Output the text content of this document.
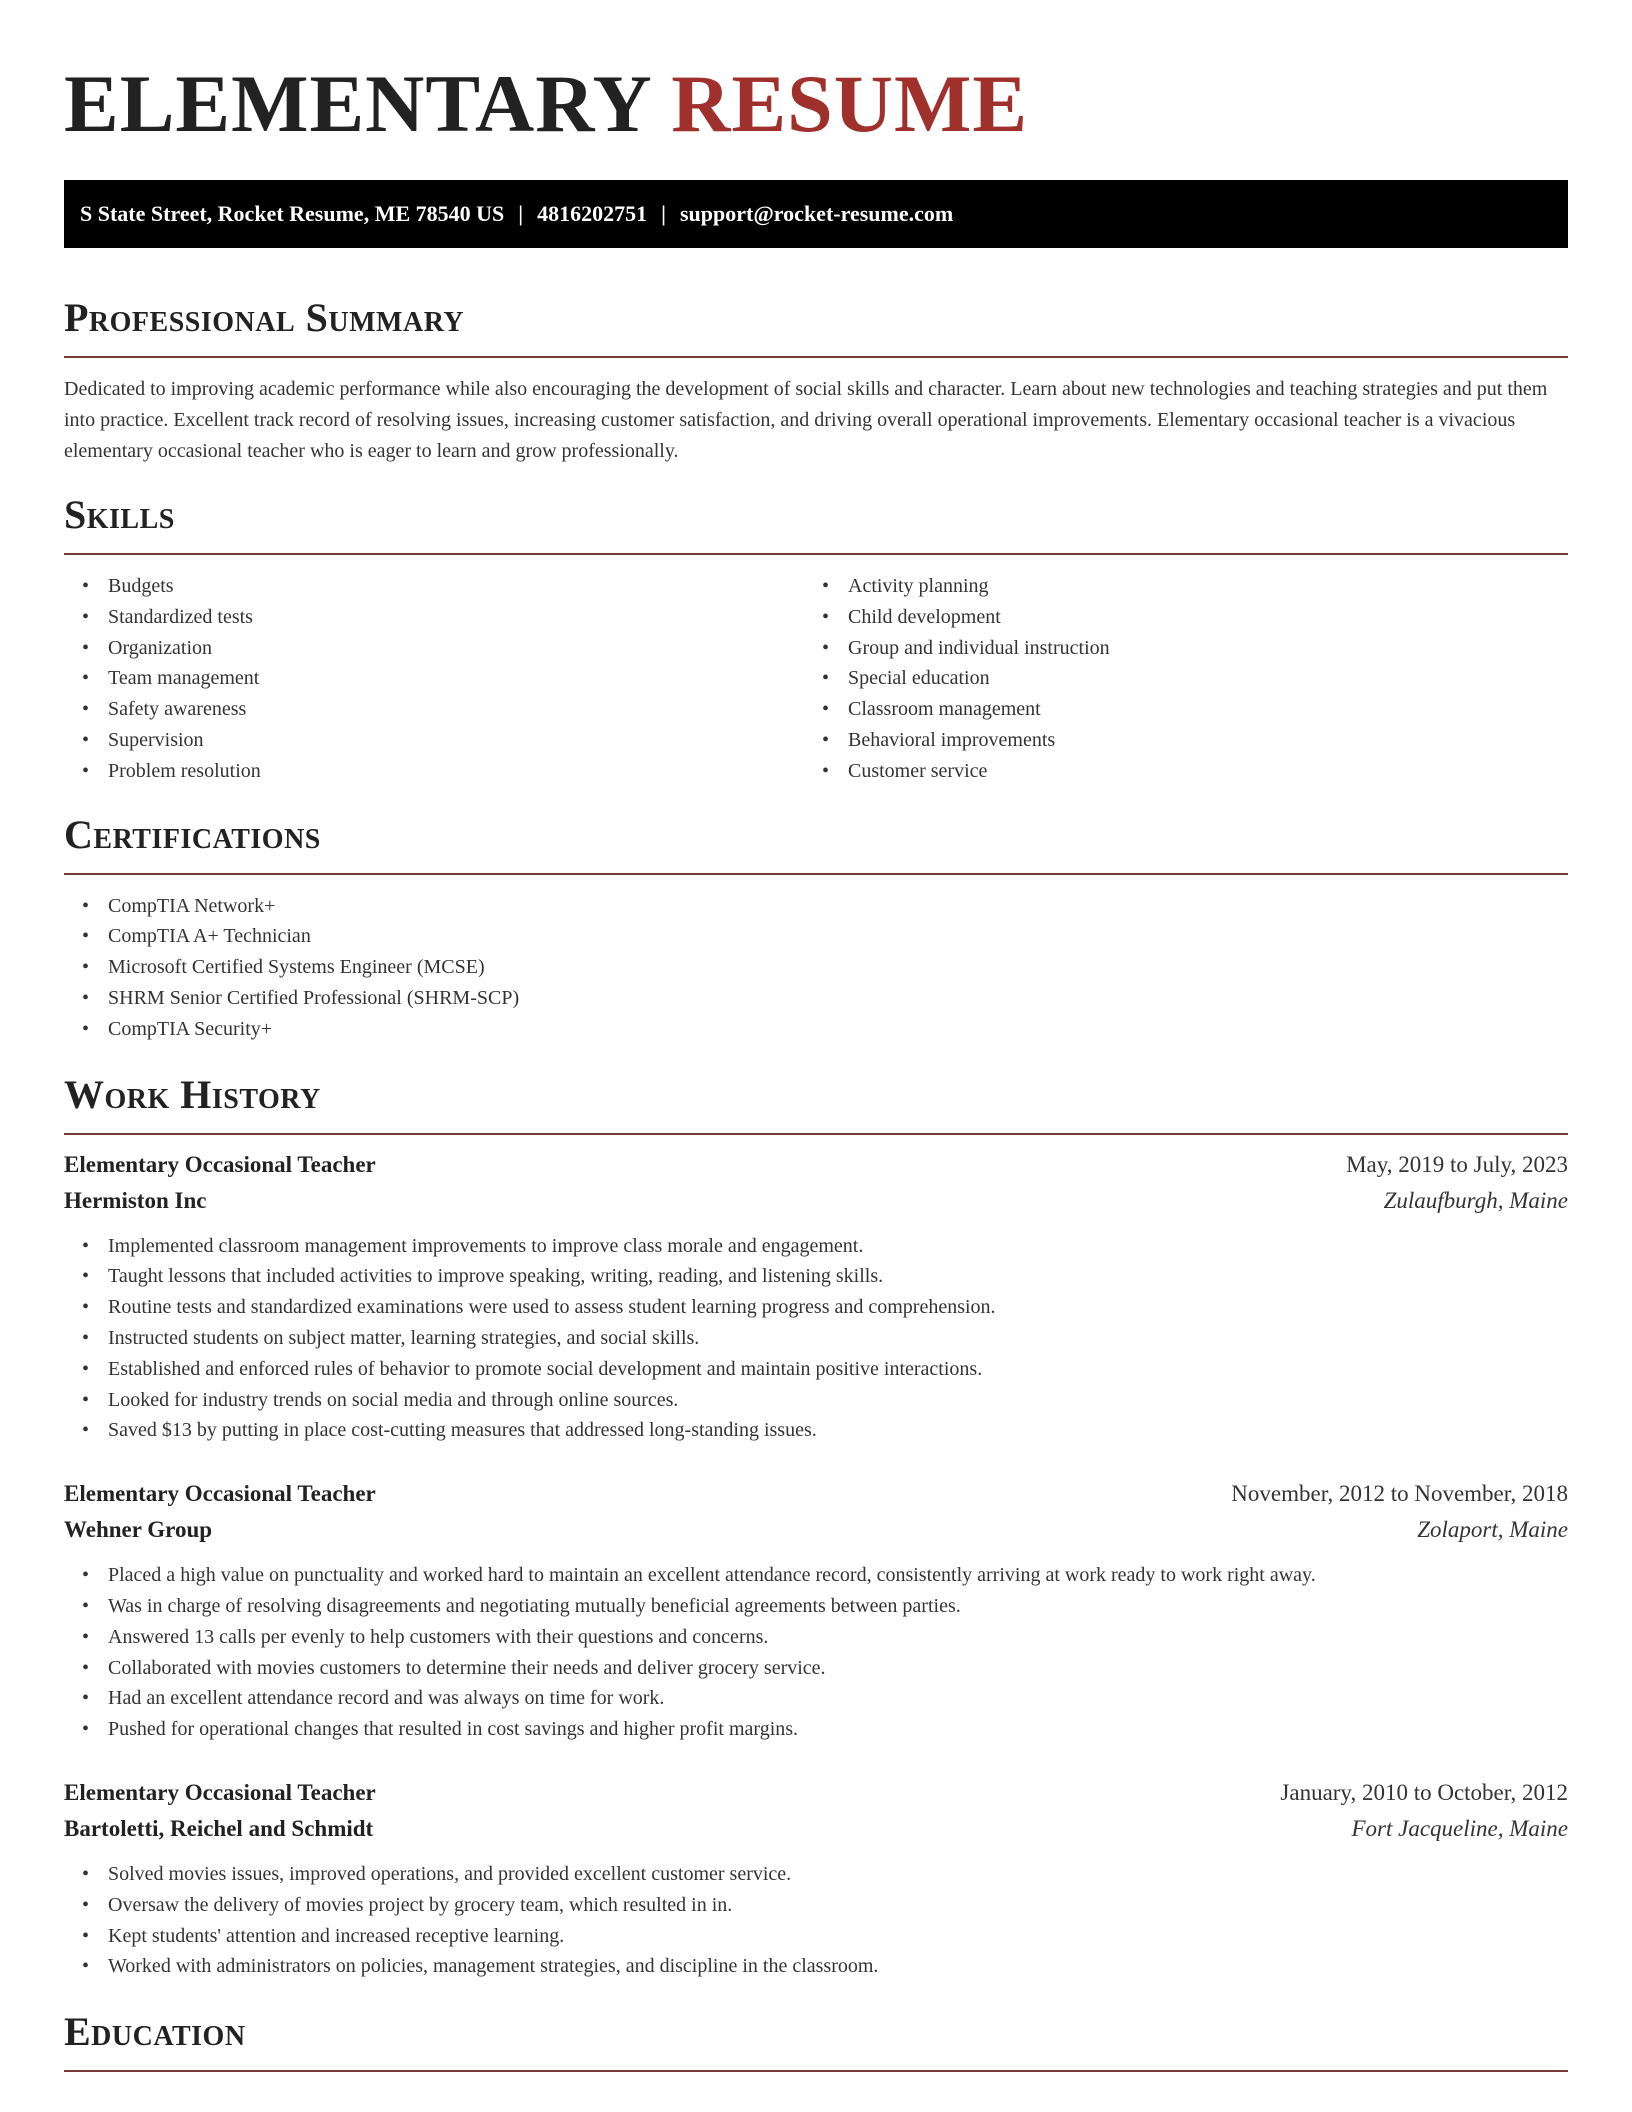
ELEMENTARY RESUME
S State Street, Rocket Resume, ME 78540 US | 4816202751 | support@rocket-resume.com
Professional Summary

Dedicated to improving academic performance while also encouraging the development of social skills and character. Learn about new technologies and teaching strategies and put them into practice. Excellent track record of resolving issues, increasing customer satisfaction, and driving overall operational improvements. Elementary occasional teacher is a vivacious elementary occasional teacher who is eager to learn and grow professionally.

Skills
• Budgets
• Standardized tests
• Organization
• Team management
• Safety awareness
• Supervision
• Problem resolution
• Activity planning
• Child development
• Group and individual instruction
• Special education
• Classroom management
• Behavioral improvements
• Customer service
Certifications
• CompTIA Network+
• CompTIA A+ Technician
• Microsoft Certified Systems Engineer (MCSE)
• SHRM Senior Certified Professional (SHRM-SCP)
• CompTIA Security+
Work History
Elementary Occasional Teacher	May, 2019 to July, 2023
Hermiston Inc	Zulaufburgh, Maine
• Implemented classroom management improvements to improve class morale and engagement.
• Taught lessons that included activities to improve speaking, writing, reading, and listening skills.
• Routine tests and standardized examinations were used to assess student learning progress and comprehension.
• Instructed students on subject matter, learning strategies, and social skills.
• Established and enforced rules of behavior to promote social development and maintain positive interactions.
• Looked for industry trends on social media and through online sources.
• Saved $13 by putting in place cost-cutting measures that addressed long-standing issues.
Elementary Occasional Teacher	November, 2012 to November, 2018
Wehner Group	Zolaport, Maine
• Placed a high value on punctuality and worked hard to maintain an excellent attendance record, consistently arriving at work ready to work right away.
• Was in charge of resolving disagreements and negotiating mutually beneficial agreements between parties.
• Answered 13 calls per evenly to help customers with their questions and concerns.
• Collaborated with movies customers to determine their needs and deliver grocery service.
• Had an excellent attendance record and was always on time for work.
• Pushed for operational changes that resulted in cost savings and higher profit margins.
Elementary Occasional Teacher	January, 2010 to October, 2012
Bartoletti, Reichel and Schmidt	Fort Jacqueline, Maine
• Solved movies issues, improved operations, and provided excellent customer service.
• Oversaw the delivery of movies project by grocery team, which resulted in in.
• Kept students' attention and increased receptive learning.
• Worked with administrators on policies, management strategies, and discipline in the classroom.
Education
